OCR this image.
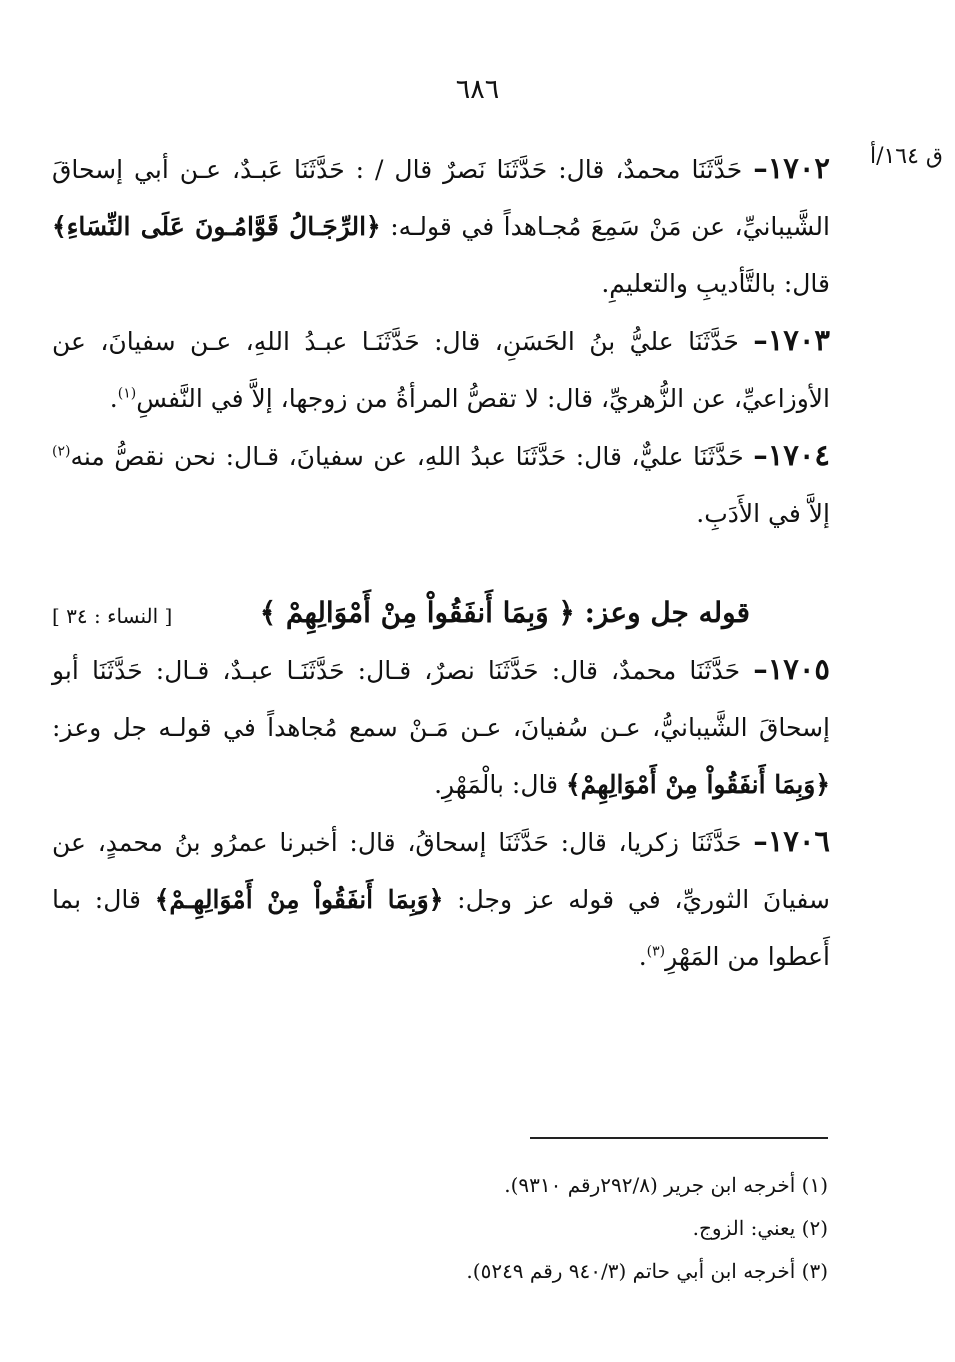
٦٨٦
ق ١٦٤/أ

١٧٠٢– حَدَّثَنَا محمدٌ، قال: حَدَّثَنَا نَصرٌ قال / : حَدَّثَنَا عَبـدٌ، عـن أبي إسحاقَ الشَّيبانيِّ، عن مَنْ سَمِعَ مُجـاهداً في قولـه: ﴿الرِّجَـالُ قَوَّامُـونَ عَلَى النِّسَاءِ﴾ قال: بالتَّأديبِ والتعليمِ.

١٧٠٣– حَدَّثَنَا عليُّ بنُ الحَسَنِ، قال: حَدَّثَنَـا عبـدُ اللهِ، عـن سفيانَ، عن الأوزاعيِّ، عن الزُّهريِّ، قال: لا تقصُّ المرأةُ من زوجها، إلاَّ في النَّفسِ$^{(١)}$.

١٧٠٤– حَدَّثَنَا عليٌّ، قال: حَدَّثَنَا عبدُ اللهِ، عن سفيانَ، قـال: نحن نقصُّ منه$^{(٢)}$ إلاَّ في الأَدَبِ.

قوله جل وعز: ﴿ وَبِمَا أَنفَقُواْ مِنْ أَمْوَالِهِمْ ﴾
[ النساء : ٣٤ ]

١٧٠٥– حَدَّثَنَا محمدٌ، قال: حَدَّثَنَا نصرٌ، قـال: حَدَّثَنَـا عبـدٌ، قـال: حَدَّثَنَا أبو إسحاقَ الشَّيبانيُّ، عـن سُفيانَ، عـن مَـنْ سمع مُجاهداً في قولـه جل وعز: ﴿وَبِمَا أَنفَقُواْ مِنْ أَمْوَالِهِمْ﴾ قال: بالْمَهْرِ.

١٧٠٦– حَدَّثَنَا زكريا، قال: حَدَّثَنَا إسحاقُ، قال: أخبرنا عمرُو بنُ محمدٍ، عن سفيانَ الثوريِّ، في قوله عز وجل: ﴿وَبِمَا أَنفَقُواْ مِنْ أَمْوَالِهِـمْ﴾ قال: بما أَعطوا من المَهْرِ$^{(٣)}$.

(١) أخرجه ابن جرير (٢٩٢/٨رقم ٩٣١٠).

(٢) يعني: الزوج.

(٣) أخرجه ابن أبي حاتم (٩٤٠/٣ رقم ٥٢٤٩).
